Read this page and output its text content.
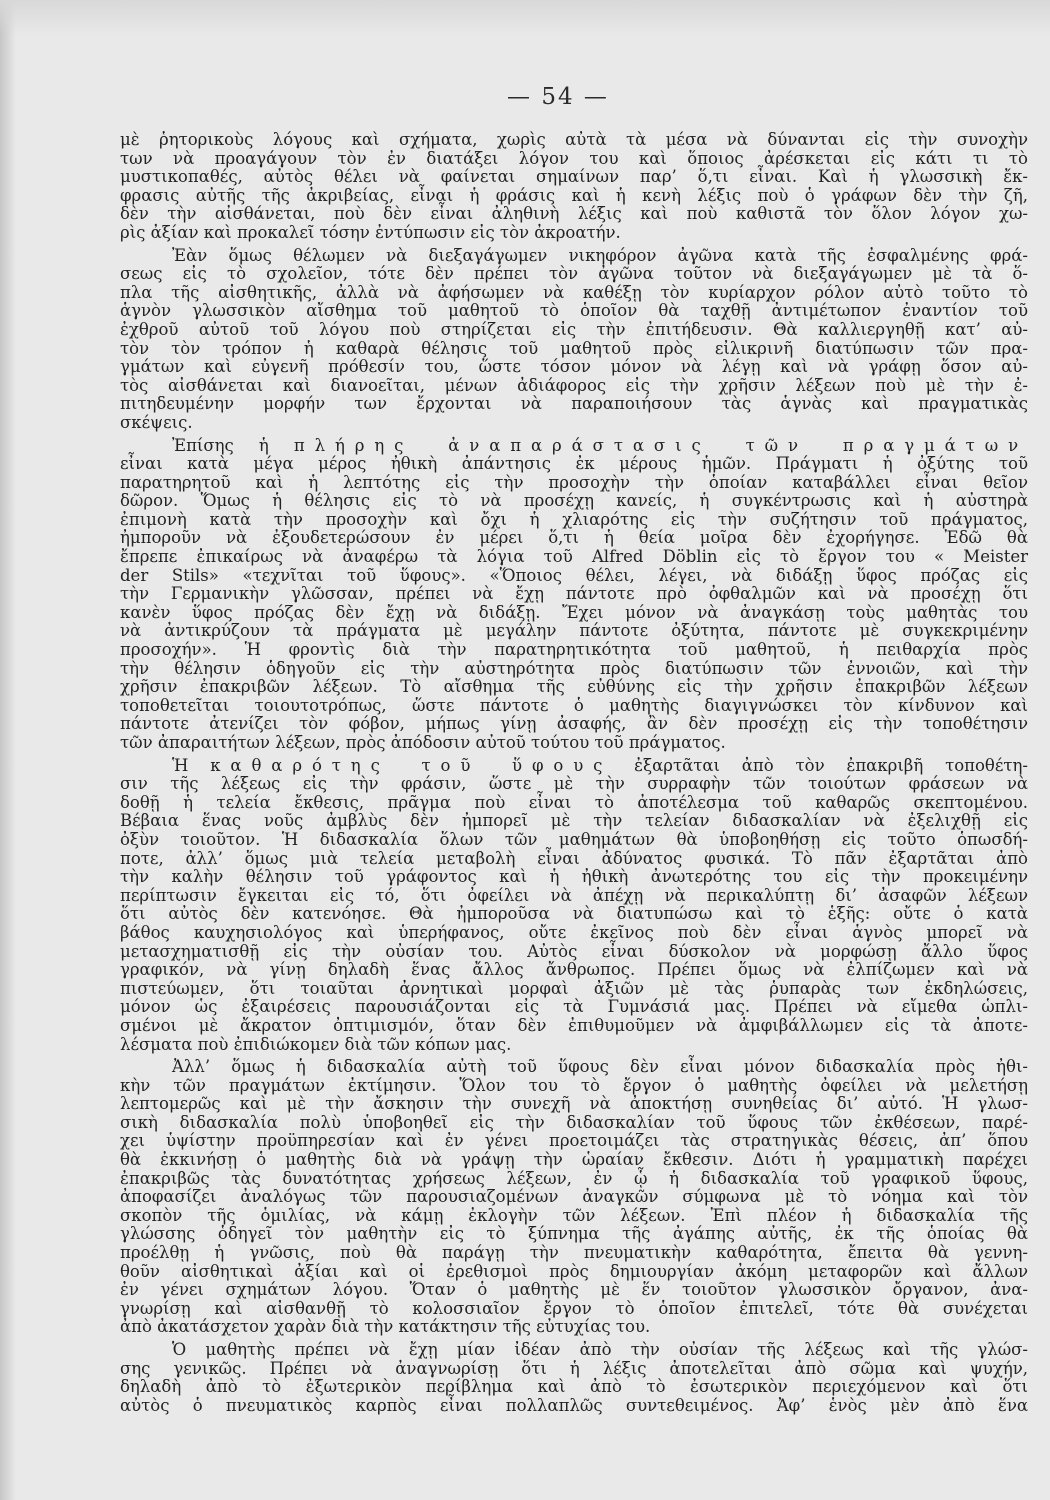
— 54 —
μὲ ῥητορικοὺς λόγους καὶ σχήματα, χωρὶς αὐτὰ τὰ μέσα νὰ δύνανται εἰς τὴν συνοχὴν
των νὰ προαγάγουν τὸν ἐν διατάξει λόγον του καὶ ὅποιος ἀρέσκεται εἰς κάτι τι τὸ
μυστικοπαθές, αὐτὸς θέλει νὰ φαίνεται σημαίνων παρ’ ὅ,τι εἶναι. Καὶ ἡ γλωσσικὴ ἔκ-
φρασις αὐτῆς τῆς ἀκριβείας, εἶναι ἡ φράσις καὶ ἡ κενὴ λέξις ποὺ ὁ γράφων δὲν τὴν ζῆ,
δὲν τὴν αἰσθάνεται, ποὺ δὲν εἶναι ἀληθινὴ λέξις καὶ ποὺ καθιστᾶ τὸν ὅλον λόγον χω-
ρὶς ἀξίαν καὶ προκαλεῖ τόσην ἐντύπωσιν εἰς τὸν ἀκροατήν.
Ἐὰν ὅμως θέλωμεν νὰ διεξαγάγωμεν νικηφόρον ἀγῶνα κατὰ τῆς ἐσφαλμένης φρά-
σεως εἰς τὸ σχολεῖον, τότε δὲν πρέπει τὸν ἀγῶνα τοῦτον νὰ διεξαγάγωμεν μὲ τὰ ὅ-
πλα τῆς αἰσθητικῆς, ἀλλὰ νὰ ἀφήσωμεν νὰ καθέξῃ τὸν κυρίαρχον ρόλον αὐτὸ τοῦτο τὸ
ἁγνὸν γλωσσικὸν αἴσθημα τοῦ μαθητοῦ τὸ ὁποῖον θὰ ταχθῇ ἀντιμέτωπον ἐναντίον τοῦ
ἐχθροῦ αὐτοῦ τοῦ λόγου ποὺ στηρίζεται εἰς τὴν ἐπιτήδευσιν. Θὰ καλλιεργηθῇ κατ’ αὐ-
τὸν τὸν τρόπον ἡ καθαρὰ θέλησις τοῦ μαθητοῦ πρὸς εἰλικρινῆ διατύπωσιν τῶν πρα-
γμάτων καὶ εὐγενῆ πρόθεσίν του, ὥστε τόσον μόνον νὰ λέγῃ καὶ νὰ γράφῃ ὅσον αὐ-
τὸς αἰσθάνεται καὶ διανοεῖται, μένων ἀδιάφορος εἰς τὴν χρῆσιν λέξεων ποὺ μὲ τὴν ἐ-
πιτηδευμένην μορφήν των ἔρχονται νὰ παραποιήσουν τὰς ἁγνὰς καὶ πραγματικὰς
σκέψεις.
Ἐπίσης ἡ πλήρης ἀναπαράστασις τῶν πραγμάτων
εἶναι κατὰ μέγα μέρος ἠθικὴ ἀπάντησις ἐκ μέρους ἡμῶν. Πράγματι ἡ ὀξύτης τοῦ
παρατηρητοῦ καὶ ἡ λεπτότης εἰς τὴν προσοχὴν τὴν ὁποίαν καταβάλλει εἶναι θεῖον
δῶρον. Ὅμως ἡ θέλησις εἰς τὸ νὰ προσέχῃ κανείς, ἡ συγκέντρωσις καὶ ἡ αὐστηρὰ
ἐπιμονὴ κατὰ τὴν προσοχὴν καὶ ὄχι ἡ χλιαρότης εἰς τὴν συζήτησιν τοῦ πράγματος,
ἠμποροῦν νὰ ἐξουδετερώσουν ἐν μέρει ὅ,τι ἡ θεία μοῖρα δὲν ἐχορήγησε. Ἐδῶ θὰ
ἔπρεπε ἐπικαίρως νὰ ἀναφέρω τὰ λόγια τοῦ Alfred Döblin εἰς τὸ ἔργον του « Meister
der Stils» «τεχνῖται τοῦ ὕφους». «Ὅποιος θέλει, λέγει, νὰ διδάξῃ ὕφος πρόζας εἰς
τὴν Γερμανικὴν γλῶσσαν, πρέπει νὰ ἔχῃ πάντοτε πρὸ ὀφθαλμῶν καὶ νὰ προσέχῃ ὅτι
κανὲν ὕφος πρόζας δὲν ἔχῃ νὰ διδάξῃ. Ἔχει μόνον νὰ ἀναγκάσῃ τοὺς μαθητὰς του
νὰ ἀντικρύζουν τὰ πράγματα μὲ μεγάλην πάντοτε ὀξύτητα, πάντοτε μὲ συγκεκριμένην
προσοχήν». Ἡ φροντὶς διὰ τὴν παρατηρητικότητα τοῦ μαθητοῦ, ἡ πειθαρχία πρὸς
τὴν θέλησιν ὁδηγοῦν εἰς τὴν αὐστηρότητα πρὸς διατύπωσιν τῶν ἐννοιῶν, καὶ τὴν
χρῆσιν ἐπακριβῶν λέξεων. Τὸ αἴσθημα τῆς εὐθύνης εἰς τὴν χρῆσιν ἐπακριβῶν λέξεων
τοποθετεῖται τοιουτοτρόπως, ὥστε πάντοτε ὁ μαθητὴς διαγιγνώσκει τὸν κίνδυνον καὶ
πάντοτε ἀτενίζει τὸν φόβον, μήπως γίνῃ ἀσαφής, ἂν δὲν προσέχῃ εἰς τὴν τοποθέτησιν
τῶν ἀπαραιτήτων λέξεων, πρὸς ἀπόδοσιν αὐτοῦ τούτου τοῦ πράγματος.
Ἡ καθαρότης τοῦ ὕφους ἐξαρτᾶται ἀπὸ τὸν ἐπακριβῆ τοποθέτη-
σιν τῆς λέξεως εἰς τὴν φράσιν, ὥστε μὲ τὴν συρραφὴν τῶν τοιούτων φράσεων νὰ
δοθῇ ἡ τελεία ἔκθεσις, πρᾶγμα ποὺ εἶναι τὸ ἀποτέλεσμα τοῦ καθαρῶς σκεπτομένου.
Βέβαια ἕνας νοῦς ἀμβλὺς δὲν ἠμπορεῖ μὲ τὴν τελείαν διδασκαλίαν νὰ ἐξελιχθῇ εἰς
ὀξὺν τοιοῦτον. Ἡ διδασκαλία ὅλων τῶν μαθημάτων θὰ ὑποβοηθήσῃ εἰς τοῦτο ὁπωσδή-
ποτε, ἀλλ’ ὅμως μιὰ τελεία μεταβολὴ εἶναι ἀδύνατος φυσικά. Τὸ πᾶν ἐξαρτᾶται ἀπὸ
τὴν καλὴν θέλησιν τοῦ γράφοντος καὶ ἡ ἠθικὴ ἀνωτερότης του εἰς τὴν προκειμένην
περίπτωσιν ἔγκειται εἰς τό, ὅτι ὀφείλει νὰ ἀπέχῃ νὰ περικαλύπτῃ δι’ ἀσαφῶν λέξεων
ὅτι αὐτὸς δὲν κατενόησε. Θὰ ἠμποροῦσα νὰ διατυπώσω καὶ τὸ ἑξῆς: οὔτε ὁ κατὰ
βάθος καυχησιολόγος καὶ ὑπερήφανος, οὔτε ἐκεῖνος ποὺ δὲν εἶναι ἁγνὸς μπορεῖ νὰ
μετασχηματισθῇ εἰς τὴν οὐσίαν του. Αὐτὸς εἶναι δύσκολον νὰ μορφώσῃ ἄλλο ὕφος
γραφικόν, νὰ γίνῃ δηλαδὴ ἕνας ἄλλος ἄνθρωπος. Πρέπει ὅμως νὰ ἐλπίζωμεν καὶ νὰ
πιστεύωμεν, ὅτι τοιαῦται ἀρνητικαὶ μορφαὶ ἀξιῶν μὲ τὰς ῥυπαρὰς των ἐκδηλώσεις,
μόνον ὡς ἐξαιρέσεις παρουσιάζονται εἰς τὰ Γυμνάσιά μας. Πρέπει νὰ εἴμεθα ὡπλι-
σμένοι μὲ ἄκρατον ὀπτιμισμόν, ὅταν δὲν ἐπιθυμοῦμεν νὰ ἀμφιβάλλωμεν εἰς τὰ ἀποτε-
λέσματα ποὺ ἐπιδιώκομεν διὰ τῶν κόπων μας.
Ἀλλ’ ὅμως ἡ διδασκαλία αὐτὴ τοῦ ὕφους δὲν εἶναι μόνον διδασκαλία πρὸς ἠθι-
κὴν τῶν πραγμάτων ἐκτίμησιν. Ὅλον του τὸ ἔργον ὁ μαθητὴς ὀφείλει νὰ μελετήσῃ
λεπτομερῶς καὶ μὲ τὴν ἄσκησιν τὴν συνεχῆ νὰ ἀποκτήσῃ συνηθείας δι’ αὐτό. Ἡ γλωσ-
σικὴ διδασκαλία πολὺ ὑποβοηθεῖ εἰς τὴν διδασκαλίαν τοῦ ὕφους τῶν ἐκθέσεων, παρέ-
χει ὑψίστην προϋπηρεσίαν καὶ ἐν γένει προετοιμάζει τὰς στρατηγικὰς θέσεις, ἀπ’ ὅπου
θὰ ἐκκινήσῃ ὁ μαθητὴς διὰ νὰ γράψῃ τὴν ὡραίαν ἔκθεσιν. Διότι ἡ γραμματικὴ παρέχει
ἐπακριβῶς τὰς δυνατότητας χρήσεως λέξεων, ἐν ᾧ ἡ διδασκαλία τοῦ γραφικοῦ ὕφους,
ἀποφασίζει ἀναλόγως τῶν παρουσιαζομένων ἀναγκῶν σύμφωνα μὲ τὸ νόημα καὶ τὸν
σκοπὸν τῆς ὁμιλίας, νὰ κάμῃ ἐκλογὴν τῶν λέξεων. Ἐπὶ πλέον ἡ διδασκαλία τῆς
γλώσσης ὁδηγεῖ τὸν μαθητὴν εἰς τὸ ξύπνημα τῆς ἀγάπης αὐτῆς, ἐκ τῆς ὁποίας θὰ
προέλθῃ ἡ γνῶσις, ποὺ θὰ παράγῃ τὴν πνευματικὴν καθαρότητα, ἔπειτα θὰ γεννη-
θοῦν αἰσθητικαὶ ἀξίαι καὶ οἱ ἐρεθισμοὶ πρὸς δημιουργίαν ἀκόμη μεταφορῶν καὶ ἄλλων
ἐν γένει σχημάτων λόγου. Ὅταν ὁ μαθητὴς μὲ ἕν τοιοῦτον γλωσσικὸν ὄργανον, ἀνα-
γνωρίσῃ καὶ αἰσθανθῇ τὸ κολοσσιαῖον ἔργον τὸ ὁποῖον ἐπιτελεῖ, τότε θὰ συνέχεται
ἀπὸ ἀκατάσχετον χαρὰν διὰ τὴν κατάκτησιν τῆς εὐτυχίας του.
Ὁ μαθητὴς πρέπει νὰ ἔχῃ μίαν ἰδέαν ἀπὸ τὴν οὐσίαν τῆς λέξεως καὶ τῆς γλώσ-
σης γενικῶς. Πρέπει νὰ ἀναγνωρίσῃ ὅτι ἡ λέξις ἀποτελεῖται ἀπὸ σῶμα καὶ ψυχήν,
δηλαδὴ ἀπὸ τὸ ἐξωτερικὸν περίβλημα καὶ ἀπὸ τὸ ἐσωτερικὸν περιεχόμενον καὶ ὅτι
αὐτὸς ὁ πνευματικὸς καρπὸς εἶναι πολλαπλῶς συντεθειμένος. Ἀφ’ ἑνὸς μὲν ἀπὸ ἕνα
